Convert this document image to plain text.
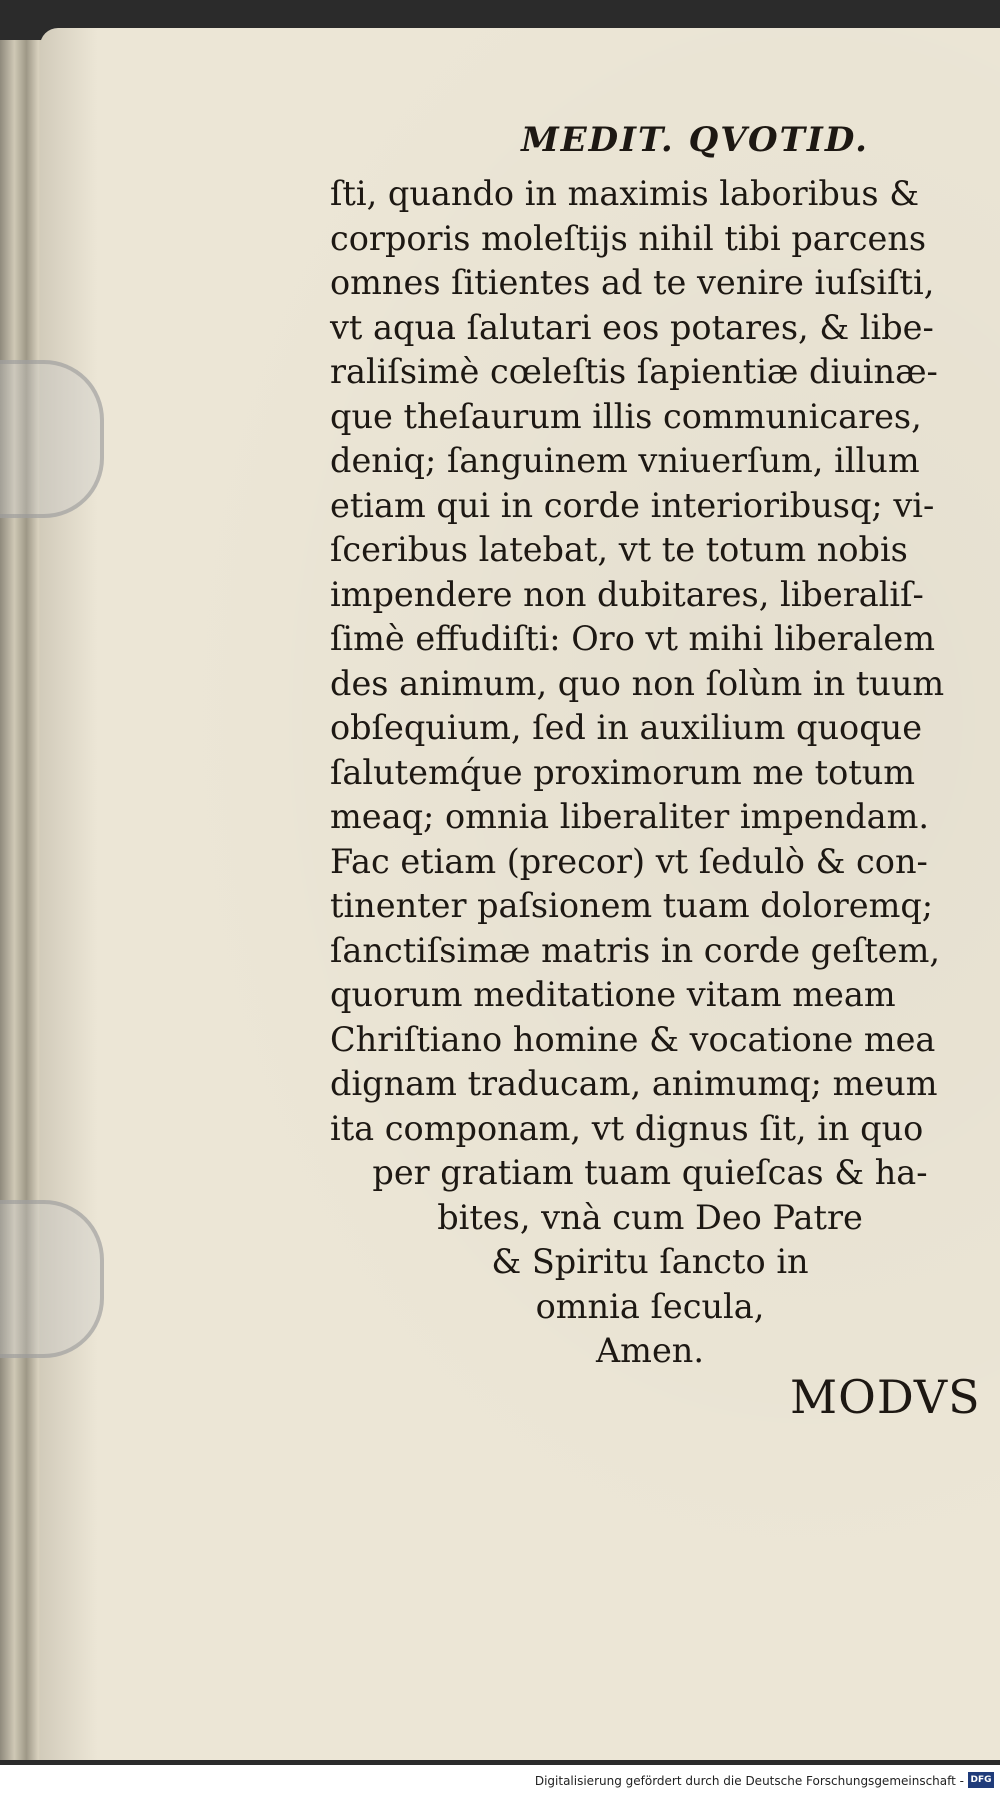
MEDIT. QVOTID.
ſti, quando in maximis laboribus &
corporis moleſtijs nihil tibi parcens
omnes ſitientes ad te venire iuſsiſti,
vt aqua ſalutari eos potares, & libe-
raliſsimè cœleſtis ſapientiæ diuinæ-
que theſaurum illis communicares,
deniq; ſanguinem vniuerſum, illum
etiam qui in corde interioribusq; vi-
ſceribus latebat, vt te totum nobis
impendere non dubitares, liberaliſ-
ſimè effudiſti: Oro vt mihi liberalem
des animum, quo non ſolùm in tuum
obſequium, ſed in auxilium quoque
ſalutemq́ue proximorum me totum
meaq; omnia liberaliter impendam.
Fac etiam (precor) vt ſedulò & con-
tinenter paſsionem tuam doloremq;
ſanctiſsimæ matris in corde geſtem,
quorum meditatione vitam meam
Chriſtiano homine & vocatione mea
dignam traducam, animumq; meum
ita componam, vt dignus ſit, in quo
per gratiam tuam quieſcas & ha-
bites, vnà cum Deo Patre
& Spiritu ſancto in
omnia ſecula,
Amen.
MODVS
Digitalisierung gefördert durch die Deutsche Forschungsgemeinschaft - DFG
